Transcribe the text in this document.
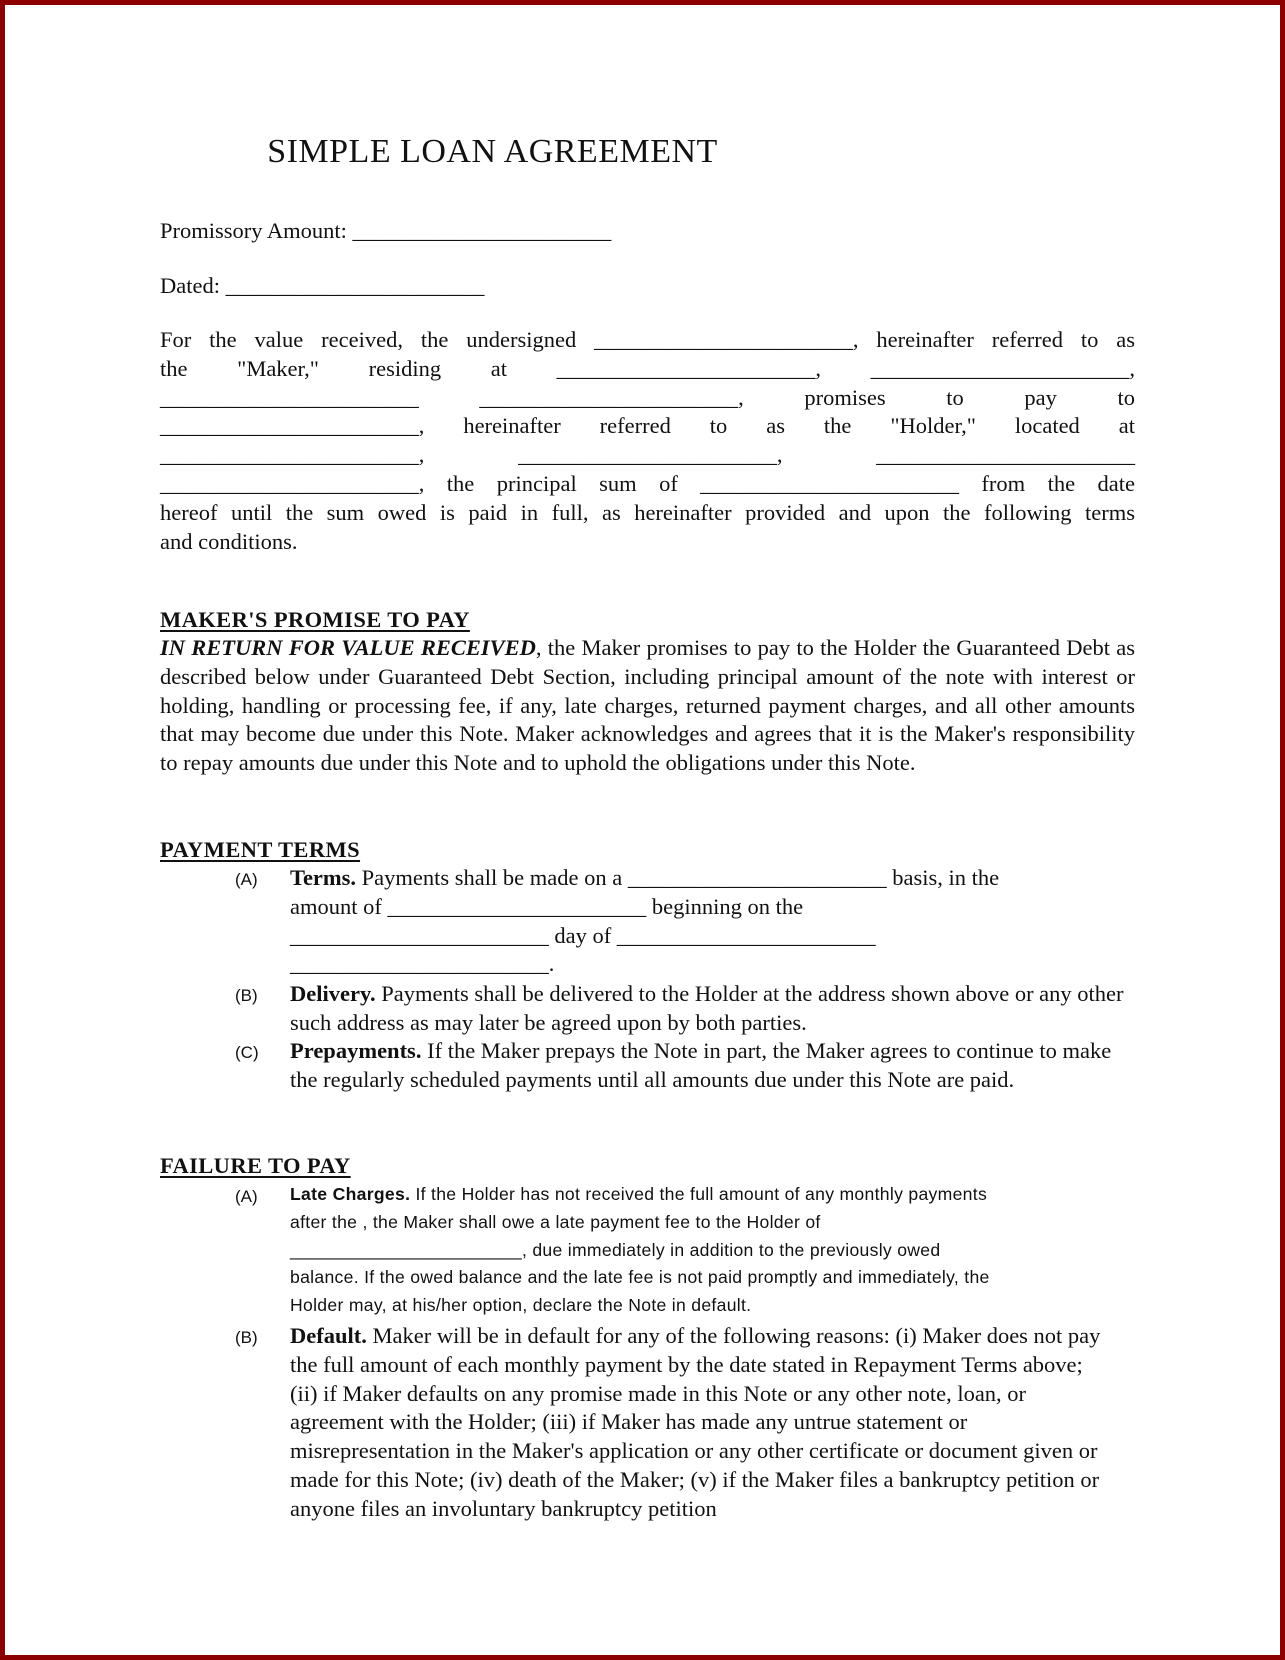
SIMPLE LOAN AGREEMENT
Promissory Amount: _______________________
Dated: _______________________
For the value received, the undersigned _______________________, hereinafter referred to as
the "Maker," residing at _______________________, _______________________,
_______________________ _______________________, promises to pay to
_______________________, hereinafter referred to as the "Holder," located at
_______________________, _______________________, _______________________
_______________________, the principal sum of _______________________ from the date
hereof until the sum owed is paid in full, as hereinafter provided and upon the following terms
and conditions.
MAKER'S PROMISE TO PAY
IN RETURN FOR VALUE RECEIVED, the Maker promises to pay to the Holder the Guaranteed Debt as described below under Guaranteed Debt Section, including principal amount of the note with interest or holding, handling or processing fee, if any, late charges, returned payment charges, and all other amounts that may become due under this Note. Maker acknowledges and agrees that it is the Maker's responsibility to repay amounts due under this Note and to uphold the obligations under this Note.
PAYMENT TERMS
(A) Terms. Payments shall be made on a _______________________ basis, in the
amount of _______________________ beginning on the
_______________________ day of _______________________
_______________________.
(B) Delivery. Payments shall be delivered to the Holder at the address shown above or any other such address as may later be agreed upon by both parties.
(C) Prepayments. If the Maker prepays the Note in part, the Maker agrees to continue to make the regularly scheduled payments until all amounts due under this Note are paid.
FAILURE TO PAY
(A) Late Charges. If the Holder has not received the full amount of any monthly payments
after the , the Maker shall owe a late payment fee to the Holder of
_______________________, due immediately in addition to the previously owed
balance. If the owed balance and the late fee is not paid promptly and immediately, the
Holder may, at his/her option, declare the Note in default.
(B) Default. Maker will be in default for any of the following reasons: (i) Maker does not pay the full amount of each monthly payment by the date stated in Repayment Terms above; (ii) if Maker defaults on any promise made in this Note or any other note, loan, or agreement with the Holder; (iii) if Maker has made any untrue statement or misrepresentation in the Maker's application or any other certificate or document given or made for this Note; (iv) death of the Maker; (v) if the Maker files a bankruptcy petition or anyone files an involuntary bankruptcy petition
